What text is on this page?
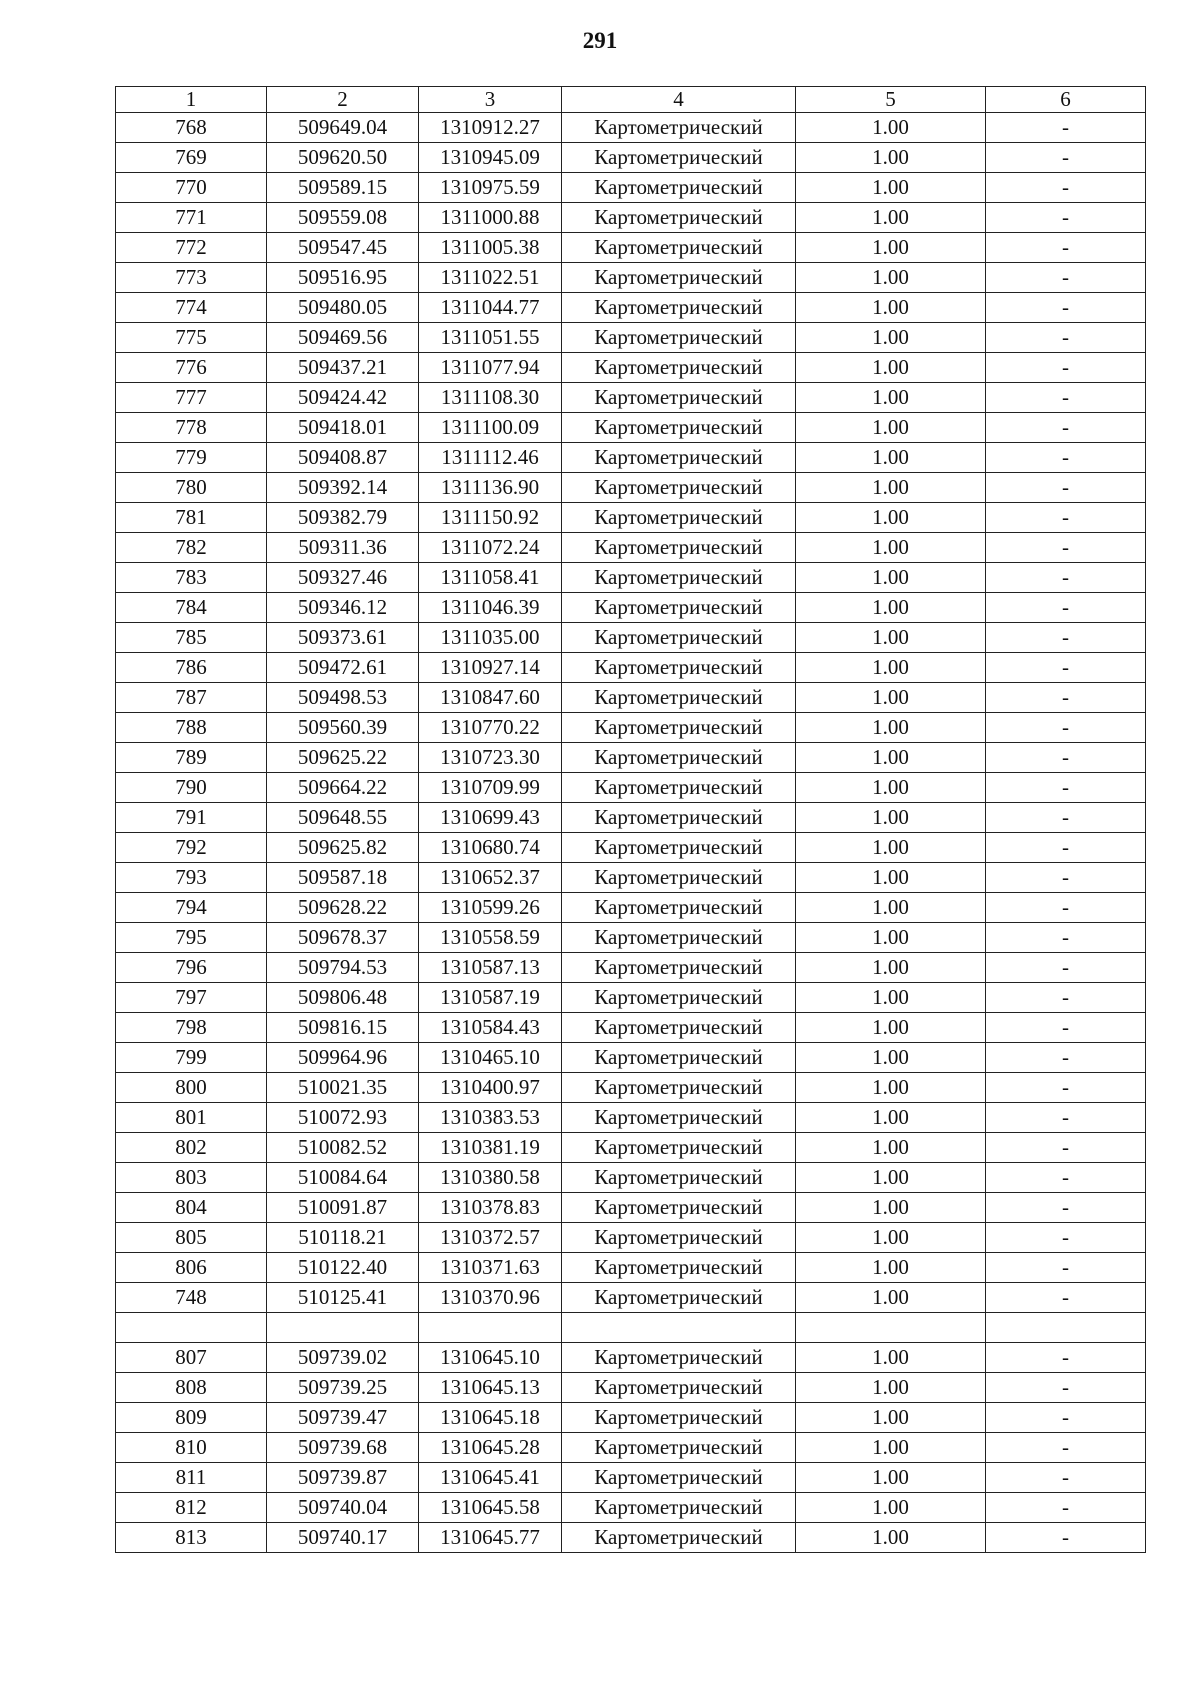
291
1	2	3	4	5	6
768	509649.04	1310912.27	Картометрический	1.00	-
769	509620.50	1310945.09	Картометрический	1.00	-
770	509589.15	1310975.59	Картометрический	1.00	-
771	509559.08	1311000.88	Картометрический	1.00	-
772	509547.45	1311005.38	Картометрический	1.00	-
773	509516.95	1311022.51	Картометрический	1.00	-
774	509480.05	1311044.77	Картометрический	1.00	-
775	509469.56	1311051.55	Картометрический	1.00	-
776	509437.21	1311077.94	Картометрический	1.00	-
777	509424.42	1311108.30	Картометрический	1.00	-
778	509418.01	1311100.09	Картометрический	1.00	-
779	509408.87	1311112.46	Картометрический	1.00	-
780	509392.14	1311136.90	Картометрический	1.00	-
781	509382.79	1311150.92	Картометрический	1.00	-
782	509311.36	1311072.24	Картометрический	1.00	-
783	509327.46	1311058.41	Картометрический	1.00	-
784	509346.12	1311046.39	Картометрический	1.00	-
785	509373.61	1311035.00	Картометрический	1.00	-
786	509472.61	1310927.14	Картометрический	1.00	-
787	509498.53	1310847.60	Картометрический	1.00	-
788	509560.39	1310770.22	Картометрический	1.00	-
789	509625.22	1310723.30	Картометрический	1.00	-
790	509664.22	1310709.99	Картометрический	1.00	-
791	509648.55	1310699.43	Картометрический	1.00	-
792	509625.82	1310680.74	Картометрический	1.00	-
793	509587.18	1310652.37	Картометрический	1.00	-
794	509628.22	1310599.26	Картометрический	1.00	-
795	509678.37	1310558.59	Картометрический	1.00	-
796	509794.53	1310587.13	Картометрический	1.00	-
797	509806.48	1310587.19	Картометрический	1.00	-
798	509816.15	1310584.43	Картометрический	1.00	-
799	509964.96	1310465.10	Картометрический	1.00	-
800	510021.35	1310400.97	Картометрический	1.00	-
801	510072.93	1310383.53	Картометрический	1.00	-
802	510082.52	1310381.19	Картометрический	1.00	-
803	510084.64	1310380.58	Картометрический	1.00	-
804	510091.87	1310378.83	Картометрический	1.00	-
805	510118.21	1310372.57	Картометрический	1.00	-
806	510122.40	1310371.63	Картометрический	1.00	-
748	510125.41	1310370.96	Картометрический	1.00	-

807	509739.02	1310645.10	Картометрический	1.00	-
808	509739.25	1310645.13	Картометрический	1.00	-
809	509739.47	1310645.18	Картометрический	1.00	-
810	509739.68	1310645.28	Картометрический	1.00	-
811	509739.87	1310645.41	Картометрический	1.00	-
812	509740.04	1310645.58	Картометрический	1.00	-
813	509740.17	1310645.77	Картометрический	1.00	-
